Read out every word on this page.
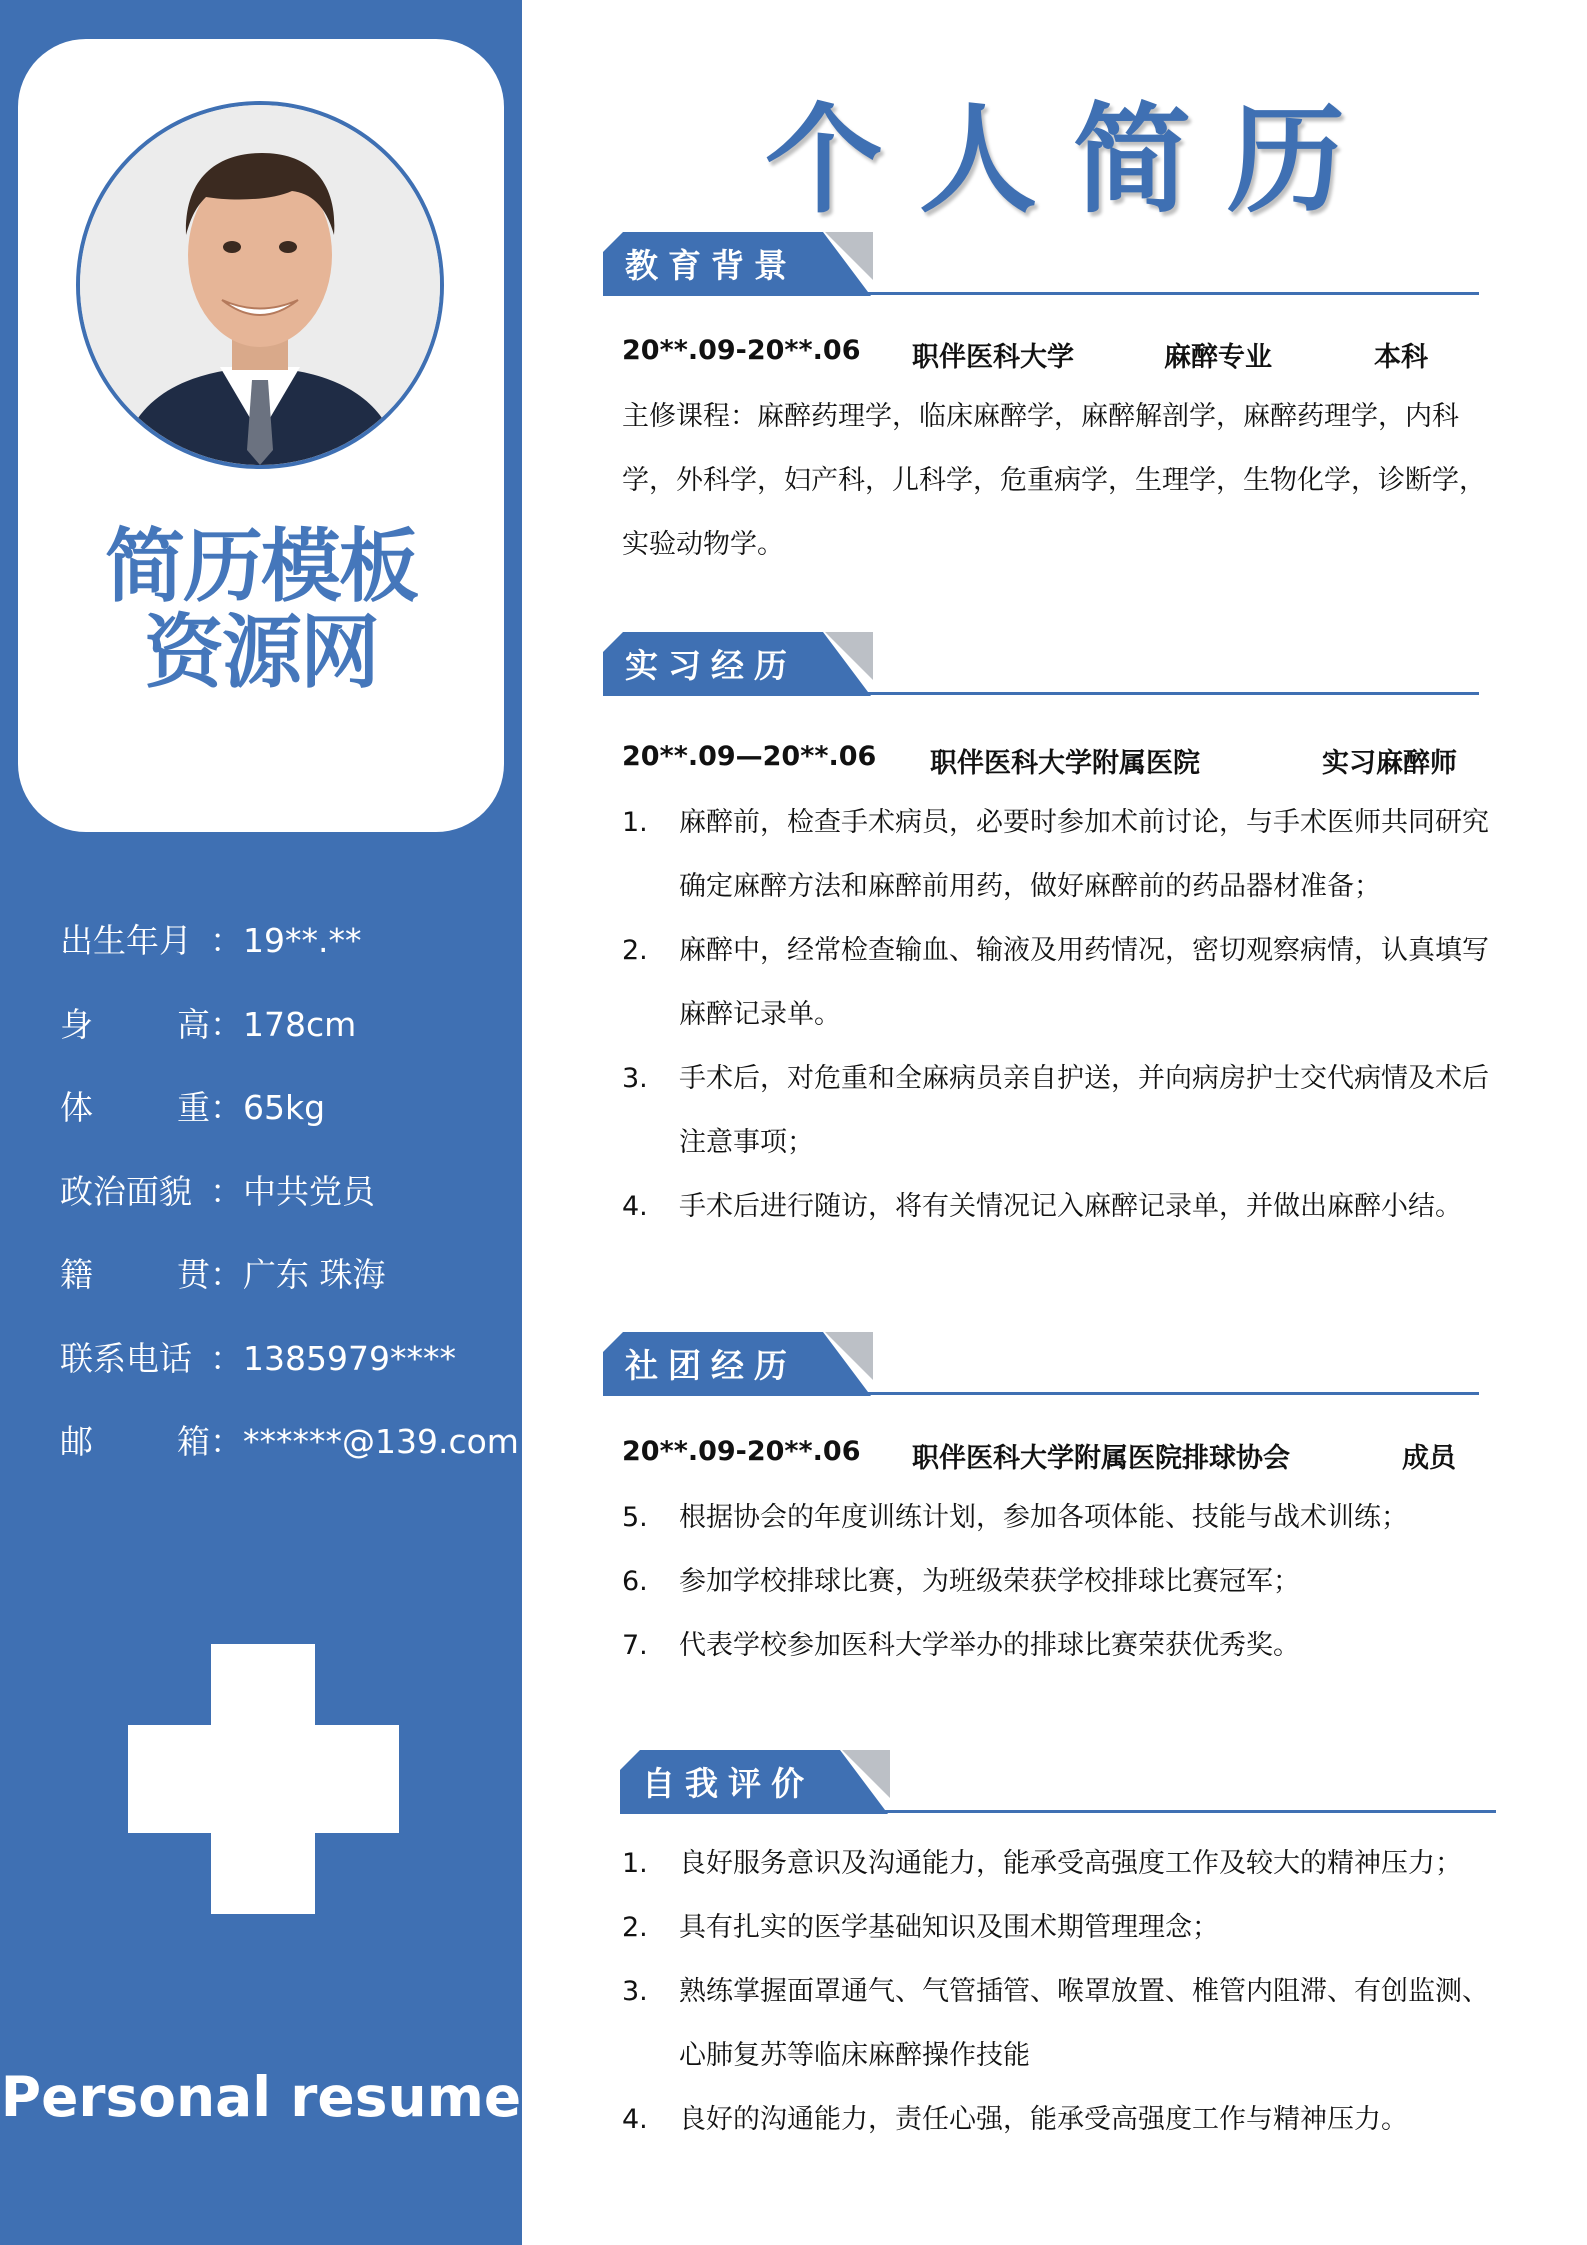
简历模板
资源网
出生年月 ：19**.**
身	高 ：178cm
体	重 ：65kg
政治面貌 ：中共党员
籍	贯 ：广东 珠海
联系电话 ：1385979****
邮	箱 ：******@139.com
Personal resume
个人简历
教育背景
20**.09-20**.06 职伴医科大学	麻醉专业	本科
主修课程：麻醉药理学，临床麻醉学，麻醉解剖学，麻醉药理学，内科学，外科学，妇产科，儿科学，危重病学，生理学，生物化学，诊断学，实验动物学。
实习经历
20**.09—20**.06 职伴医科大学附属医院	实习麻醉师
1.	麻醉前，检查手术病员，必要时参加术前讨论，与手术医师共同研究确定麻醉方法和麻醉前用药，做好麻醉前的药品器材准备；
2.	麻醉中，经常检查输血、输液及用药情况，密切观察病情，认真填写麻醉记录单。
3.	手术后，对危重和全麻病员亲自护送，并向病房护士交代病情及术后注意事项；
4.	手术后进行随访，将有关情况记入麻醉记录单，并做出麻醉小结。
社团经历
20**.09-20**.06 职伴医科大学附属医院排球协会	成员
5.	根据协会的年度训练计划，参加各项体能、技能与战术训练；
6.	参加学校排球比赛，为班级荣获学校排球比赛冠军；
7.	代表学校参加医科大学举办的排球比赛荣获优秀奖。
自我评价
1.	良好服务意识及沟通能力，能承受高强度工作及较大的精神压力；
2.	具有扎实的医学基础知识及围术期管理理念；
3.	熟练掌握面罩通气、气管插管、喉罩放置、椎管内阻滞、有创监测、心肺复苏等临床麻醉操作技能
4.	良好的沟通能力，责任心强，能承受高强度工作与精神压力。
